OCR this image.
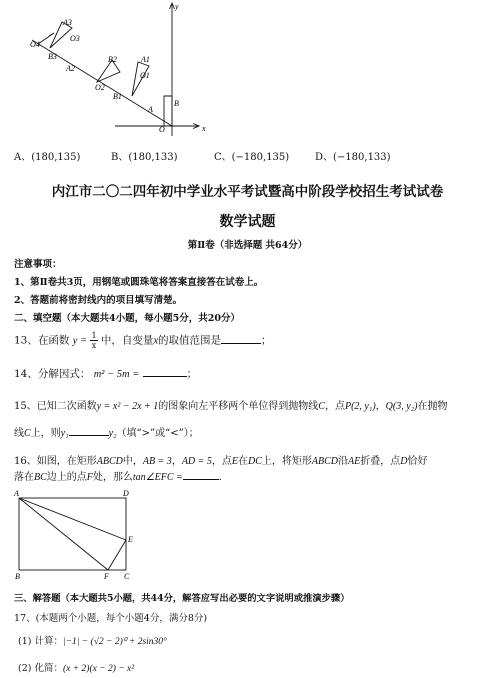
y
x
O
A3
O3
O4
B3
A2
B2	A1
O1
O2
B1
A
B
A、(180,135)	B、(180,133)	C、(−180,135)	D、(−180,133)
内江市二〇二四年初中学业水平考试暨高中阶段学校招生考试试卷
数学试题
第Ⅱ卷（非选择题 共64分）
注意事项：
1、第Ⅱ卷共3页，用钢笔或圆珠笔将答案直接答在试卷上。
2、答题前将密封线内的项目填写清楚。
二、填空题（本大题共4小题，每小题5分，共20分）
13、在函数 $y = \frac{1}{x}$ 中，自变量x的取值范围是	；
14、分解因式： m² − 5m =	；
15、已知二次函数y = x² − 2x + 1的图象向左平移两个单位得到抛物线C，点P(2, y₁)，Q(3, y₂)在抛物
线C上，则y₁	y₂（填“>”或“<”）；
16、如图，在矩形ABCD中，AB = 3，AD = 5，点E在DC上，将矩形ABCD沿AE折叠，点D恰好
落在BC边上的点F处，那么tan∠EFC =	.
A	D
E
B	F C
三、解答题（本大题共5小题，共44分，解答应写出必要的文字说明或推演步骤）
17、(本题两个小题，每个小题4分，满分8分)
(1) 计算：|−1| − (√2 − 2)⁰ + 2sin30°
(2) 化简：(x + 2)(x − 2) − x²
